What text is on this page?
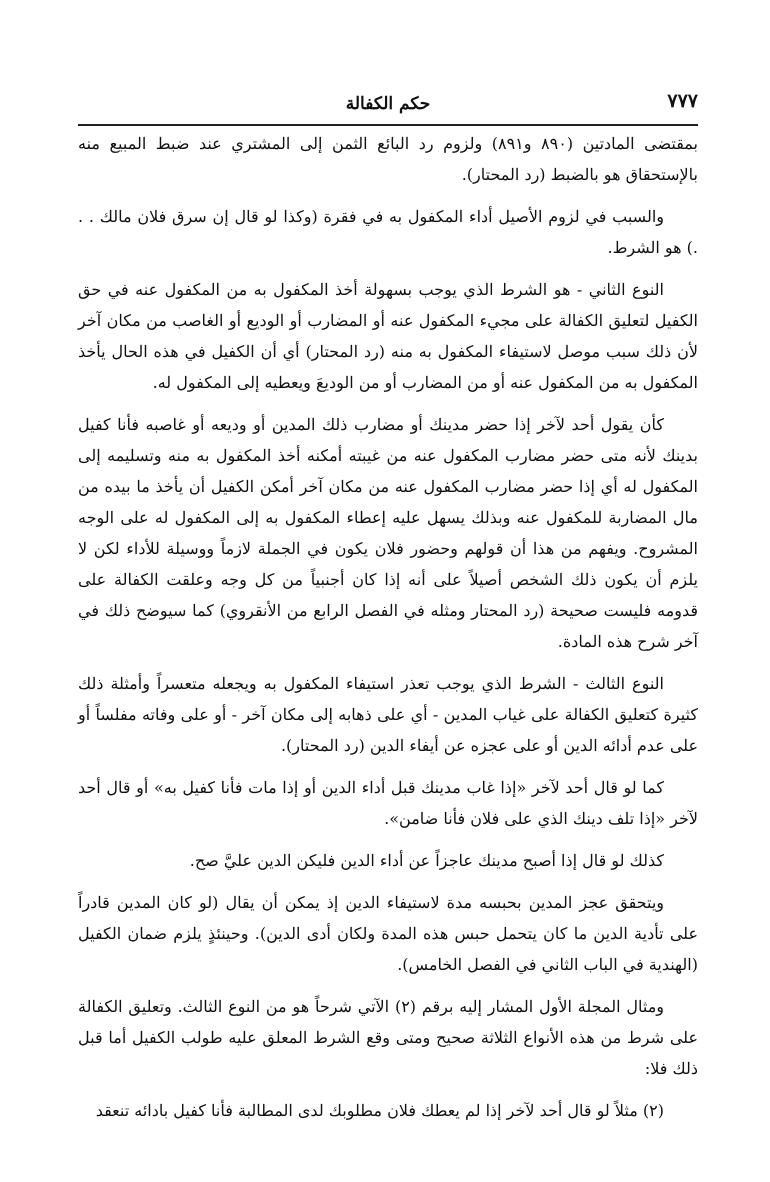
٧٧٧
حكم الكفالة

بمقتضى المادتين (٨٩٠ و٨٩١) ولزوم رد البائع الثمن إلى المشتري عند ضبط المبيع منه بالإستحقاق هو بالضبط (رد المحتار).

والسبب في لزوم الأصيل أداء المكفول به في فقرة (وكذا لو قال إن سرق فلان مالك . . .) هو الشرط.

النوع الثاني - هو الشرط الذي يوجب بسهولة أخذ المكفول به من المكفول عنه في حق الكفيل لتعليق الكفالة على مجيء المكفول عنه أو المضارب أو الوديع أو الغاصب من مكان آخر لأن ذلك سبب موصل لاستيفاء المكفول به منه (رد المحتار) أي أن الكفيل في هذه الحال يأخذ المكفول به من المكفول عنه أو من المضارب أو من الوديعَ ويعطيه إلى المكفول له.

كأن يقول أحد لآخر إذا حضر مدينك أو مضارب ذلك المدين أو وديعه أو غاصبه فأنا كفيل بدينك لأنه متى حضر مضارب المكفول عنه من غيبته أمكنه أخذ المكفول به منه وتسليمه إلى المكفول له أي إذا حضر مضارب المكفول عنه من مكان آخر أمكن الكفيل أن يأخذ ما بيده من مال المضاربة للمكفول عنه وبذلك يسهل عليه إعطاء المكفول به إلى المكفول له على الوجه المشروح. ويفهم من هذا أن قولهم وحضور فلان يكون في الجملة لازماً ووسيلة للأداء لكن لا يلزم أن يكون ذلك الشخص أصيلاً على أنه إذا كان أجنبياً من كل وجه وعلقت الكفالة على قدومه فليست صحيحة (رد المحتار ومثله في الفصل الرابع من الأنقروي) كما سيوضح ذلك في آخر شرح هذه المادة.

النوع الثالث - الشرط الذي يوجب تعذر استيفاء المكفول به ويجعله متعسراً وأمثلة ذلك كثيرة كتعليق الكفالة على غياب المدين - أي على ذهابه إلى مكان آخر - أو على وفاته مفلساً أو على عدم أدائه الدين أو على عجزه عن أيفاء الدين (رد المحتار).

كما لو قال أحد لآخر «إذا غاب مدينك قبل أداء الدين أو إذا مات فأنا كفيل به» أو قال أحد لآخر «إذا تلف دينك الذي على فلان فأنا ضامن».

كذلك لو قال إذا أصبح مدينك عاجزاً عن أداء الدين فليكن الدين عليَّ صح.

ويتحقق عجز المدين بحبسه مدة لاستيفاء الدين إذ يمكن أن يقال (لو كان المدين قادراً على تأدية الدين ما كان يتحمل حبس هذه المدة ولكان أدى الدين). وحينئذٍ يلزم ضمان الكفيل (الهندية في الباب الثاني في الفصل الخامس).

ومثال المجلة الأول المشار إليه برقم (٢) الآتي شرحاً هو من النوع الثالث. وتعليق الكفالة على شرط من هذه الأنواع الثلاثة صحيح ومتى وقع الشرط المعلق عليه طولب الكفيل أما قبل ذلك فلا:

(٢) مثلاً لو قال أحد لآخر إذا لم يعطك فلان مطلوبك لدى المطالبة فأنا كفيل بادائه تنعقد
